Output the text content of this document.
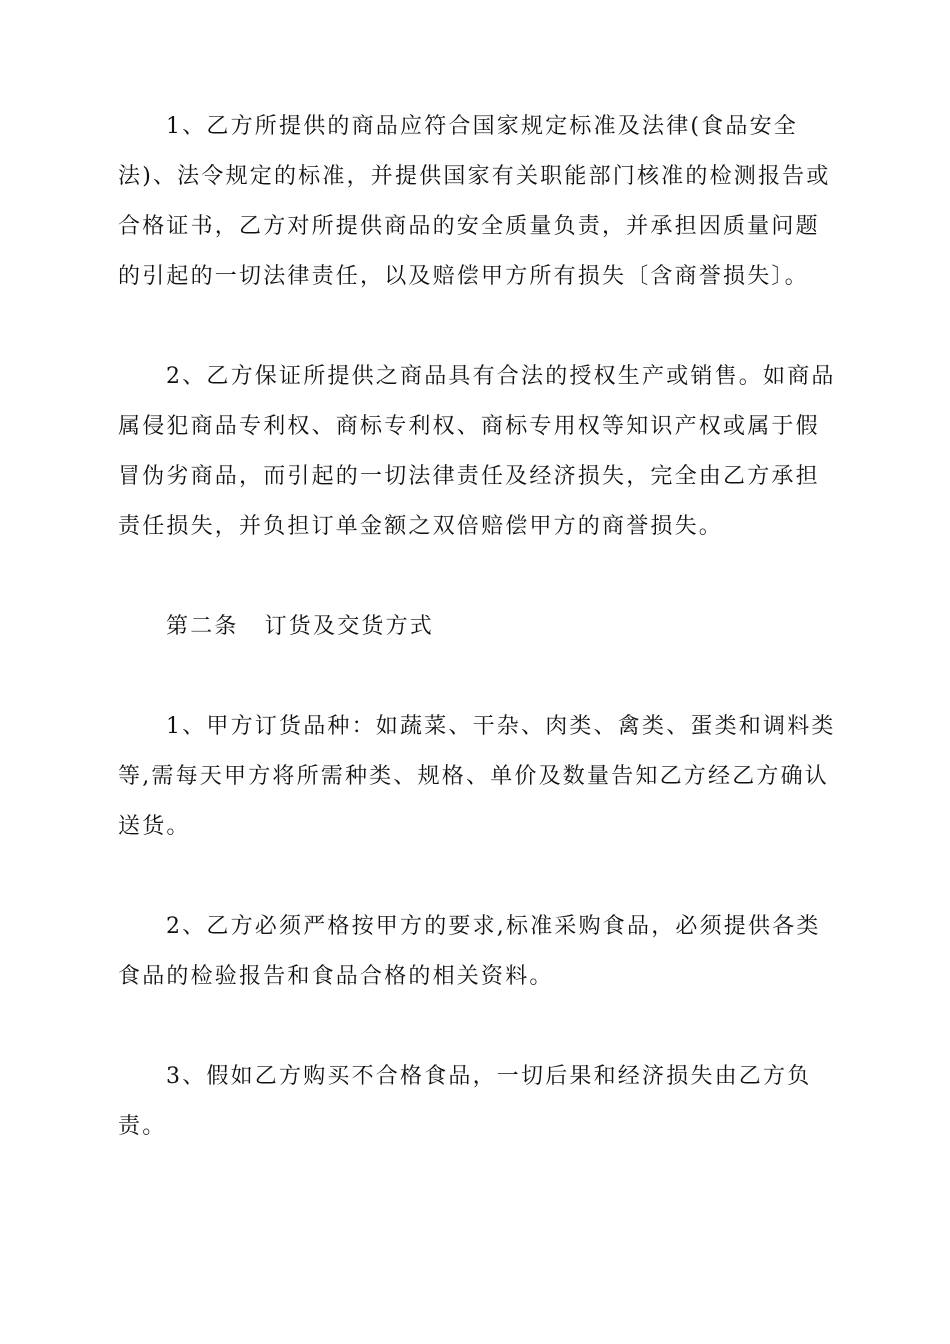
1、乙方所提供的商品应符合国家规定标准及法律(食品安全法)、法令规定的标准，并提供国家有关职能部门核准的检测报告或合格证书，乙方对所提供商品的安全质量负责，并承担因质量问题的引起的一切法律责任，以及赔偿甲方所有损失〔含商誉损失〕。

2、乙方保证所提供之商品具有合法的授权生产或销售。如商品属侵犯商品专利权、商标专利权、商标专用权等知识产权或属于假冒伪劣商品，而引起的一切法律责任及经济损失，完全由乙方承担责任损失，并负担订单金额之双倍赔偿甲方的商誉损失。

第二条 订货及交货方式

1、甲方订货品种：如蔬菜、干杂、肉类、禽类、蛋类和调料类等,需每天甲方将所需种类、规格、单价及数量告知乙方经乙方确认送货。

2、乙方必须严格按甲方的要求,标准采购食品，必须提供各类食品的检验报告和食品合格的相关资料。

3、假如乙方购买不合格食品，一切后果和经济损失由乙方负责。
